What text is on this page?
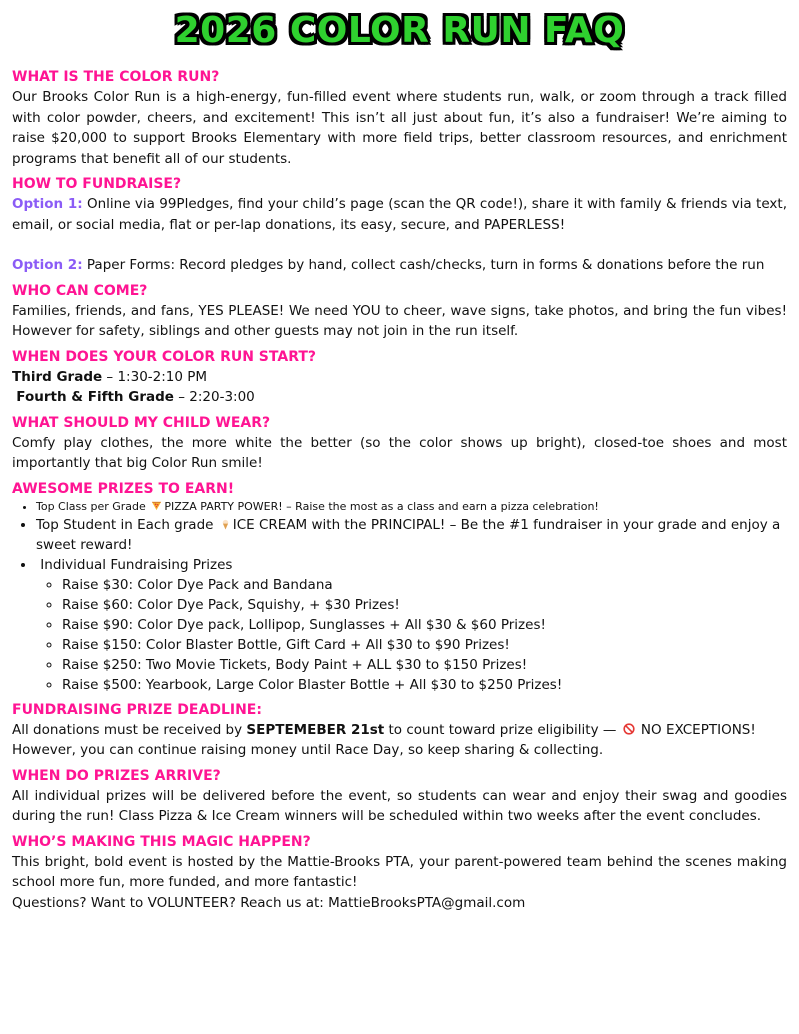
2026 COLOR RUN FAQ
WHAT IS THE COLOR RUN?

Our Brooks Color Run is a high-energy, fun-filled event where students run, walk, or zoom through a track filled with color powder, cheers, and excitement! This isn’t all just about fun, it’s also a fundraiser! We’re aiming to raise $20,000 to support Brooks Elementary with more field trips, better classroom resources, and enrichment programs that benefit all of our students.

HOW TO FUNDRAISE?

Option 1: Online via 99Pledges, find your child’s page (scan the QR code!), share it with family & friends via text, email, or social media, flat or per-lap donations, its easy, secure, and PAPERLESS!

Option 2: Paper Forms: Record pledges by hand, collect cash/checks, turn in forms & donations before the run

WHO CAN COME?

Families, friends, and fans, YES PLEASE! We need YOU to cheer, wave signs, take photos, and bring the fun vibes! However for safety, siblings and other guests may not join in the run itself.

WHEN DOES YOUR COLOR RUN START?

Third Grade – 1:30-2:10 PM

Fourth & Fifth Grade – 2:20-3:00

WHAT SHOULD MY CHILD WEAR?

Comfy play clothes, the more white the better (so the color shows up bright), closed-toe shoes and most importantly that big Color Run smile!

AWESOME PRIZES TO EARN!
• Top Class per Grade PIZZA PARTY POWER! – Raise the most as a class and earn a pizza celebration!
• Top Student in Each grade ICE CREAM with the PRINCIPAL! – Be the #1 fundraiser in your grade and enjoy a sweet reward!
• Individual Fundraising Prizes
◦ Raise $30: Color Dye Pack and Bandana
◦ Raise $60: Color Dye Pack, Squishy, + $30 Prizes!
◦ Raise $90: Color Dye pack, Lollipop, Sunglasses + All $30 & $60 Prizes!
◦ Raise $150: Color Blaster Bottle, Gift Card + All $30 to $90 Prizes!
◦ Raise $250: Two Movie Tickets, Body Paint + ALL $30 to $150 Prizes!
◦ Raise $500: Yearbook, Large Color Blaster Bottle + All $30 to $250 Prizes!
FUNDRAISING PRIZE DEADLINE:

All donations must be received by SEPTEMEBER 21st to count toward prize eligibility —  NO EXCEPTIONS! However, you can continue raising money until Race Day, so keep sharing & collecting.

WHEN DO PRIZES ARRIVE?

All individual prizes will be delivered before the event, so students can wear and enjoy their swag and goodies during the run! Class Pizza & Ice Cream winners will be scheduled within two weeks after the event concludes.

WHO’S MAKING THIS MAGIC HAPPEN?

This bright, bold event is hosted by the Mattie-Brooks PTA, your parent-powered team behind the scenes making school more fun, more funded, and more fantastic!

Questions? Want to VOLUNTEER? Reach us at: MattieBrooksPTA@gmail.com
